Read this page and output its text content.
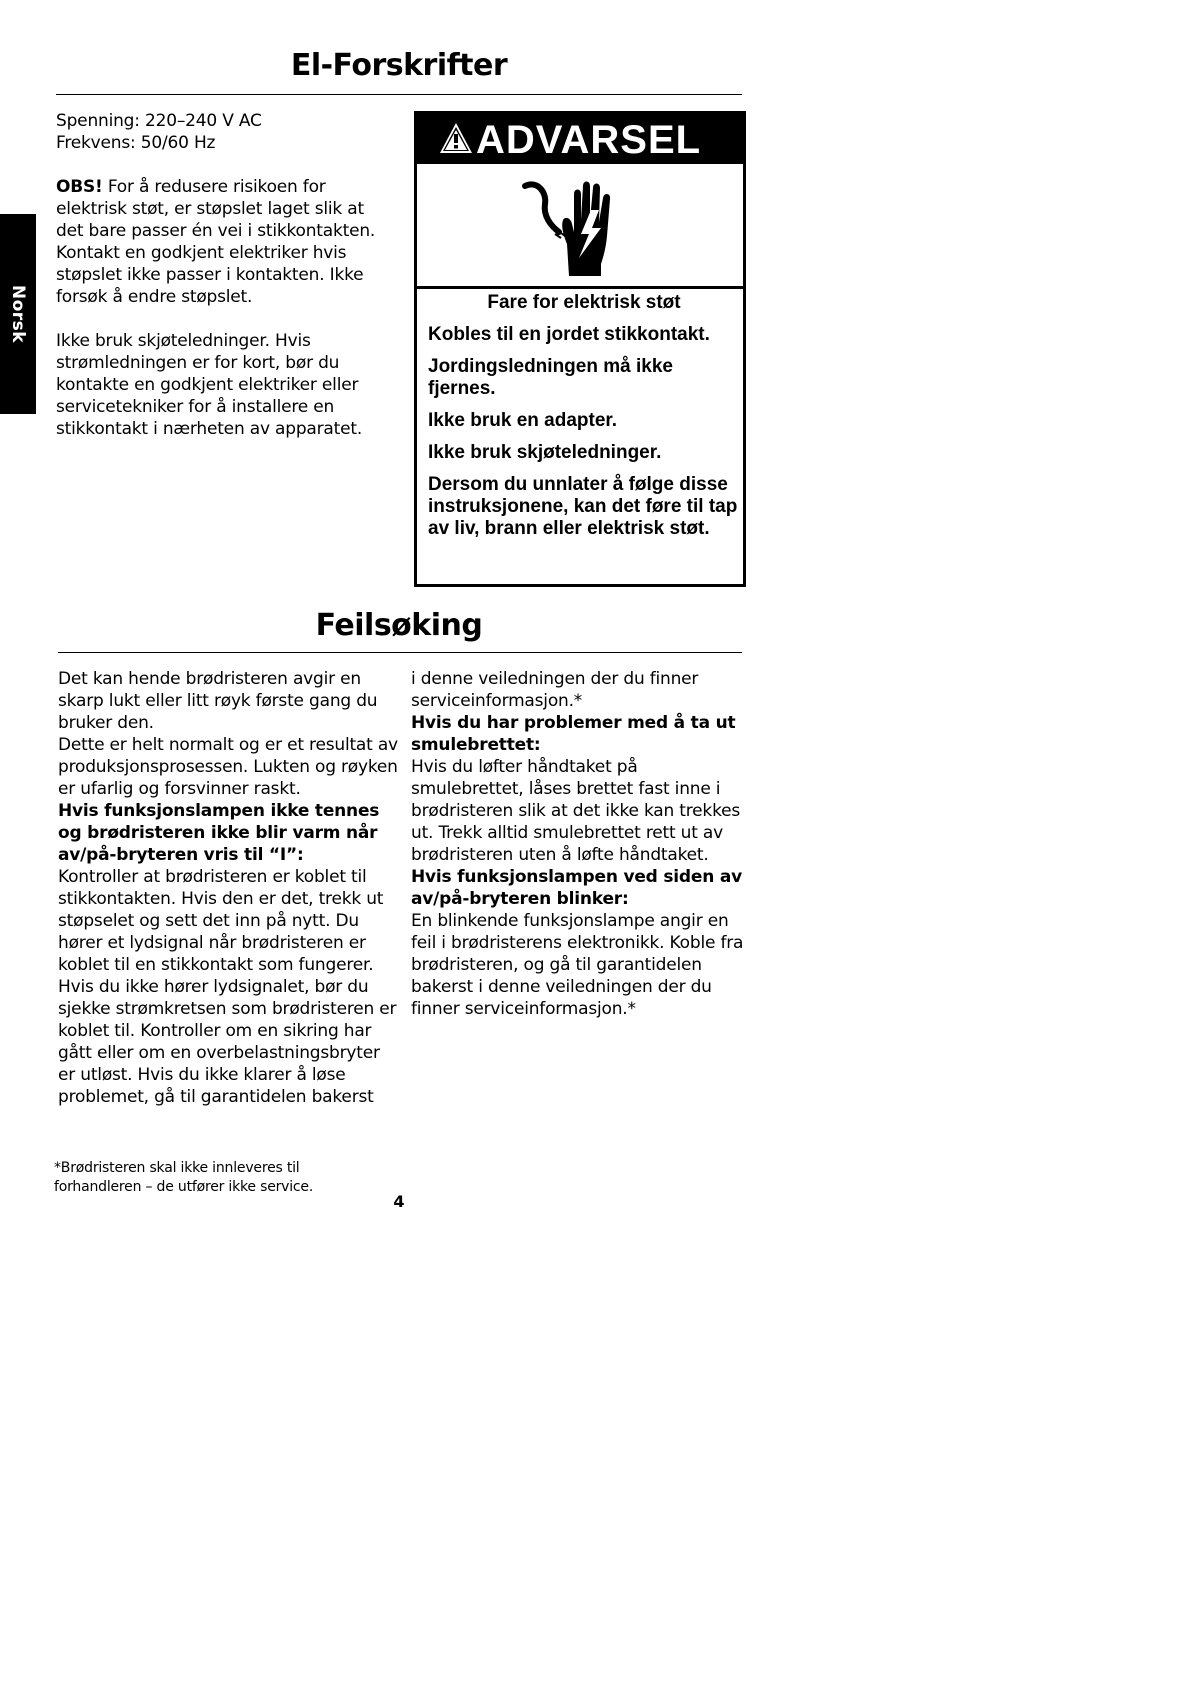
Norsk
El-Forskrifter

Spenning: 220–240 V AC

Frekvens: 50/60 Hz

OBS! For å redusere risikoen for elektrisk støt, er støpslet laget slik at det bare passer én vei i stikkontakten. Kontakt en godkjent elektriker hvis støpslet ikke passer i kontakten. Ikke forsøk å endre støpslet.

Ikke bruk skjøteledninger. Hvis strømledningen er for kort, bør du kontakte en godkjent elektriker eller servicetekniker for å installere en stikkontakt i nærheten av apparatet.

ADVARSEL

Fare for elektrisk støt

Kobles til en jordet stikkontakt.

Jordingsledningen må ikke fjernes.

Ikke bruk en adapter.

Ikke bruk skjøteledninger.

Dersom du unnlater å følge disse instruksjonene, kan det føre til tap av liv, brann eller elektrisk støt.

Feilsøking

Det kan hende brødristeren avgir en skarp lukt eller litt røyk første gang du bruker den.

Dette er helt normalt og er et resultat av produksjonsprosessen. Lukten og røyken er ufarlig og forsvinner raskt.

Hvis funksjonslampen ikke tennes og brødristeren ikke blir varm når av/på-bryteren vris til “I”:

Kontroller at brødristeren er koblet til stikkontakten. Hvis den er det, trekk ut støpselet og sett det inn på nytt. Du hører et lydsignal når brødristeren er koblet til en stikkontakt som fungerer. Hvis du ikke hører lydsignalet, bør du sjekke strømkretsen som brødristeren er koblet til. Kontroller om en sikring har gått eller om en overbelastningsbryter er utløst. Hvis du ikke klarer å løse problemet, gå til garantidelen bakerst

i denne veiledningen der du finner serviceinformasjon.*

Hvis du har problemer med å ta ut smulebrettet:

Hvis du løfter håndtaket på smulebrettet, låses brettet fast inne i brødristeren slik at det ikke kan trekkes ut. Trekk alltid smulebrettet rett ut av brødristeren uten å løfte håndtaket.

Hvis funksjonslampen ved siden av av/på-bryteren blinker:

En blinkende funksjonslampe angir en feil i brødristerens elektronikk. Koble fra brødristeren, og gå til garantidelen bakerst i denne veiledningen der du finner serviceinformasjon.*

*Brødristeren skal ikke innleveres til forhandleren – de utfører ikke service.
4
